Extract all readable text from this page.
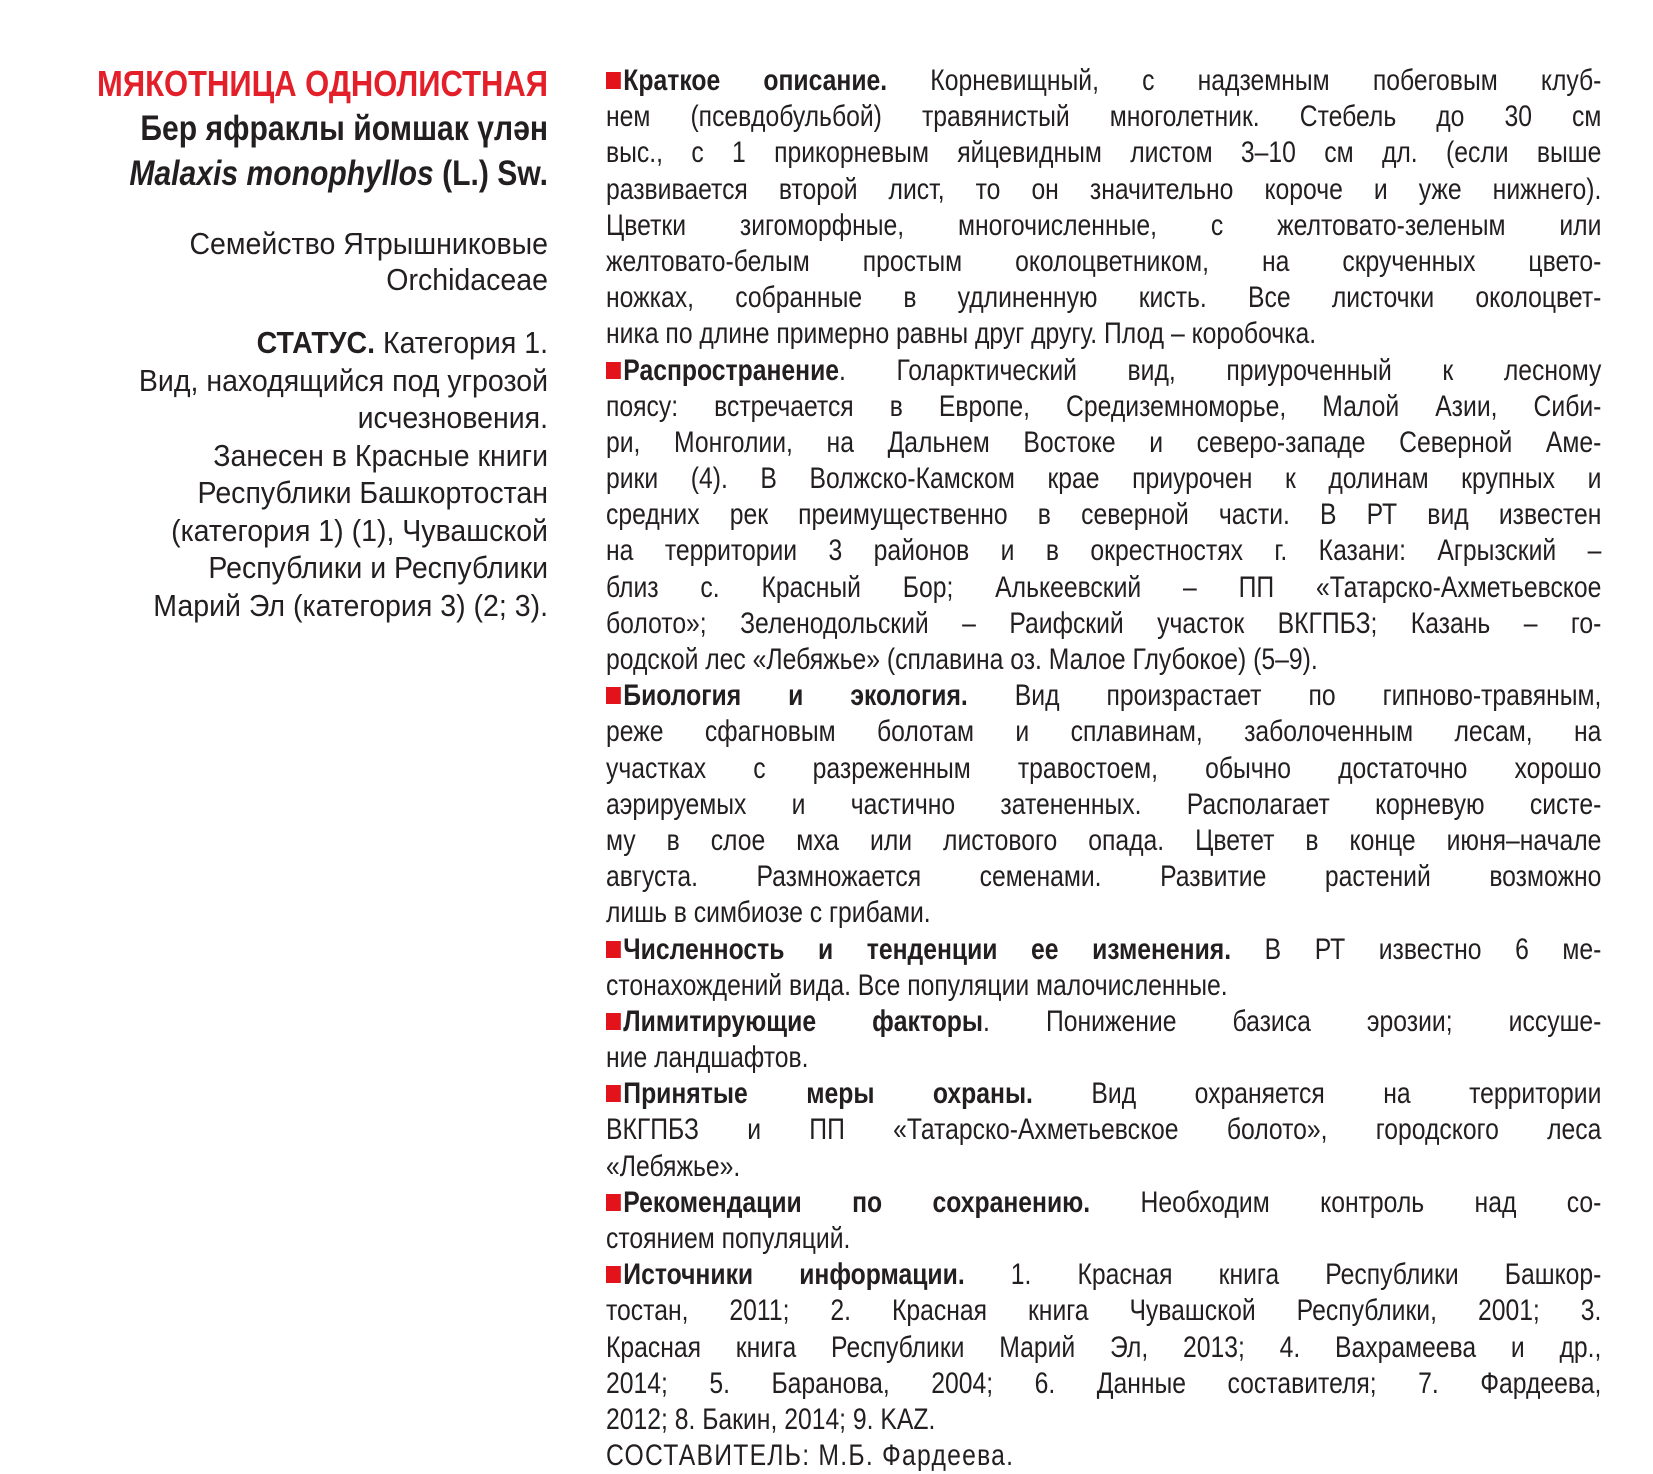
МЯКОТНИЦА ОДНОЛИСТНАЯ
Бер яфраклы йомшак үлән
Malaxis monophyllos (L.) Sw.
Семейство Ятрышниковые
Orchidaceae
СТАТУС. Категория 1.
Вид, находящийся под угрозой
исчезновения.
Занесен в Красные книги
Республики Башкортостан
(категория 1) (1), Чувашской
Республики и Республики
Марий Эл (категория 3) (2; 3).
Краткое описание. Корневищный, с надземным побеговым клуб-
нем (псевдобульбой) травянистый многолетник. Стебель до 30 см
выс., с 1 прикорневым яйцевидным листом 3–10 см дл. (если выше
развивается второй лист, то он значительно короче и уже нижнего).
Цветки зигоморфные, многочисленные, с желтовато-зеленым или
желтовато-белым простым околоцветником, на скрученных цвето-
ножках, собранные в удлиненную кисть. Все листочки околоцвет-
ника по длине примерно равны друг другу. Плод – коробочка.
Распространение. Голарктический вид, приуроченный к лесному
поясу: встречается в Европе, Средиземноморье, Малой Азии, Сиби-
ри, Монголии, на Дальнем Востоке и северо-западе Северной Аме-
рики (4). В Волжско-Камском крае приурочен к долинам крупных и
средних рек преимущественно в северной части. В РТ вид известен
на территории 3 районов и в окрестностях г. Казани: Агрызский –
близ с. Красный Бор; Алькеевский – ПП «Татарско-Ахметьевское
болото»; Зеленодольский – Раифский участок ВКГПБЗ; Казань – го-
родской лес «Лебяжье» (сплавина оз. Малое Глубокое) (5–9).
Биология и экология. Вид произрастает по гипново-травяным,
реже сфагновым болотам и сплавинам, заболоченным лесам, на
участках с разреженным травостоем, обычно достаточно хорошо
аэрируемых и частично затененных. Располагает корневую систе-
му в слое мха или листового опада. Цветет в конце июня–начале
августа. Размножается семенами. Развитие растений возможно
лишь в симбиозе с грибами.
Численность и тенденции ее изменения. В РТ известно 6 ме-
стонахождений вида. Все популяции малочисленные.
Лимитирующие факторы. Понижение базиса эрозии; иссуше-
ние ландшафтов.
Принятые меры охраны. Вид охраняется на территории
ВКГПБЗ и ПП «Татарско-Ахметьевское болото», городского леса
«Лебяжье».
Рекомендации по сохранению. Необходим контроль над со-
стоянием популяций.
Источники информации. 1. Красная книга Республики Башкор-
тостан, 2011; 2. Красная книга Чувашской Республики, 2001; 3.
Красная книга Республики Марий Эл, 2013; 4. Вахрамеева и др.,
2014; 5. Баранова, 2004; 6. Данные составителя; 7. Фардеева,
2012; 8. Бакин, 2014; 9. KAZ.
СОСТАВИТЕЛЬ: М.Б. Фардеева.
